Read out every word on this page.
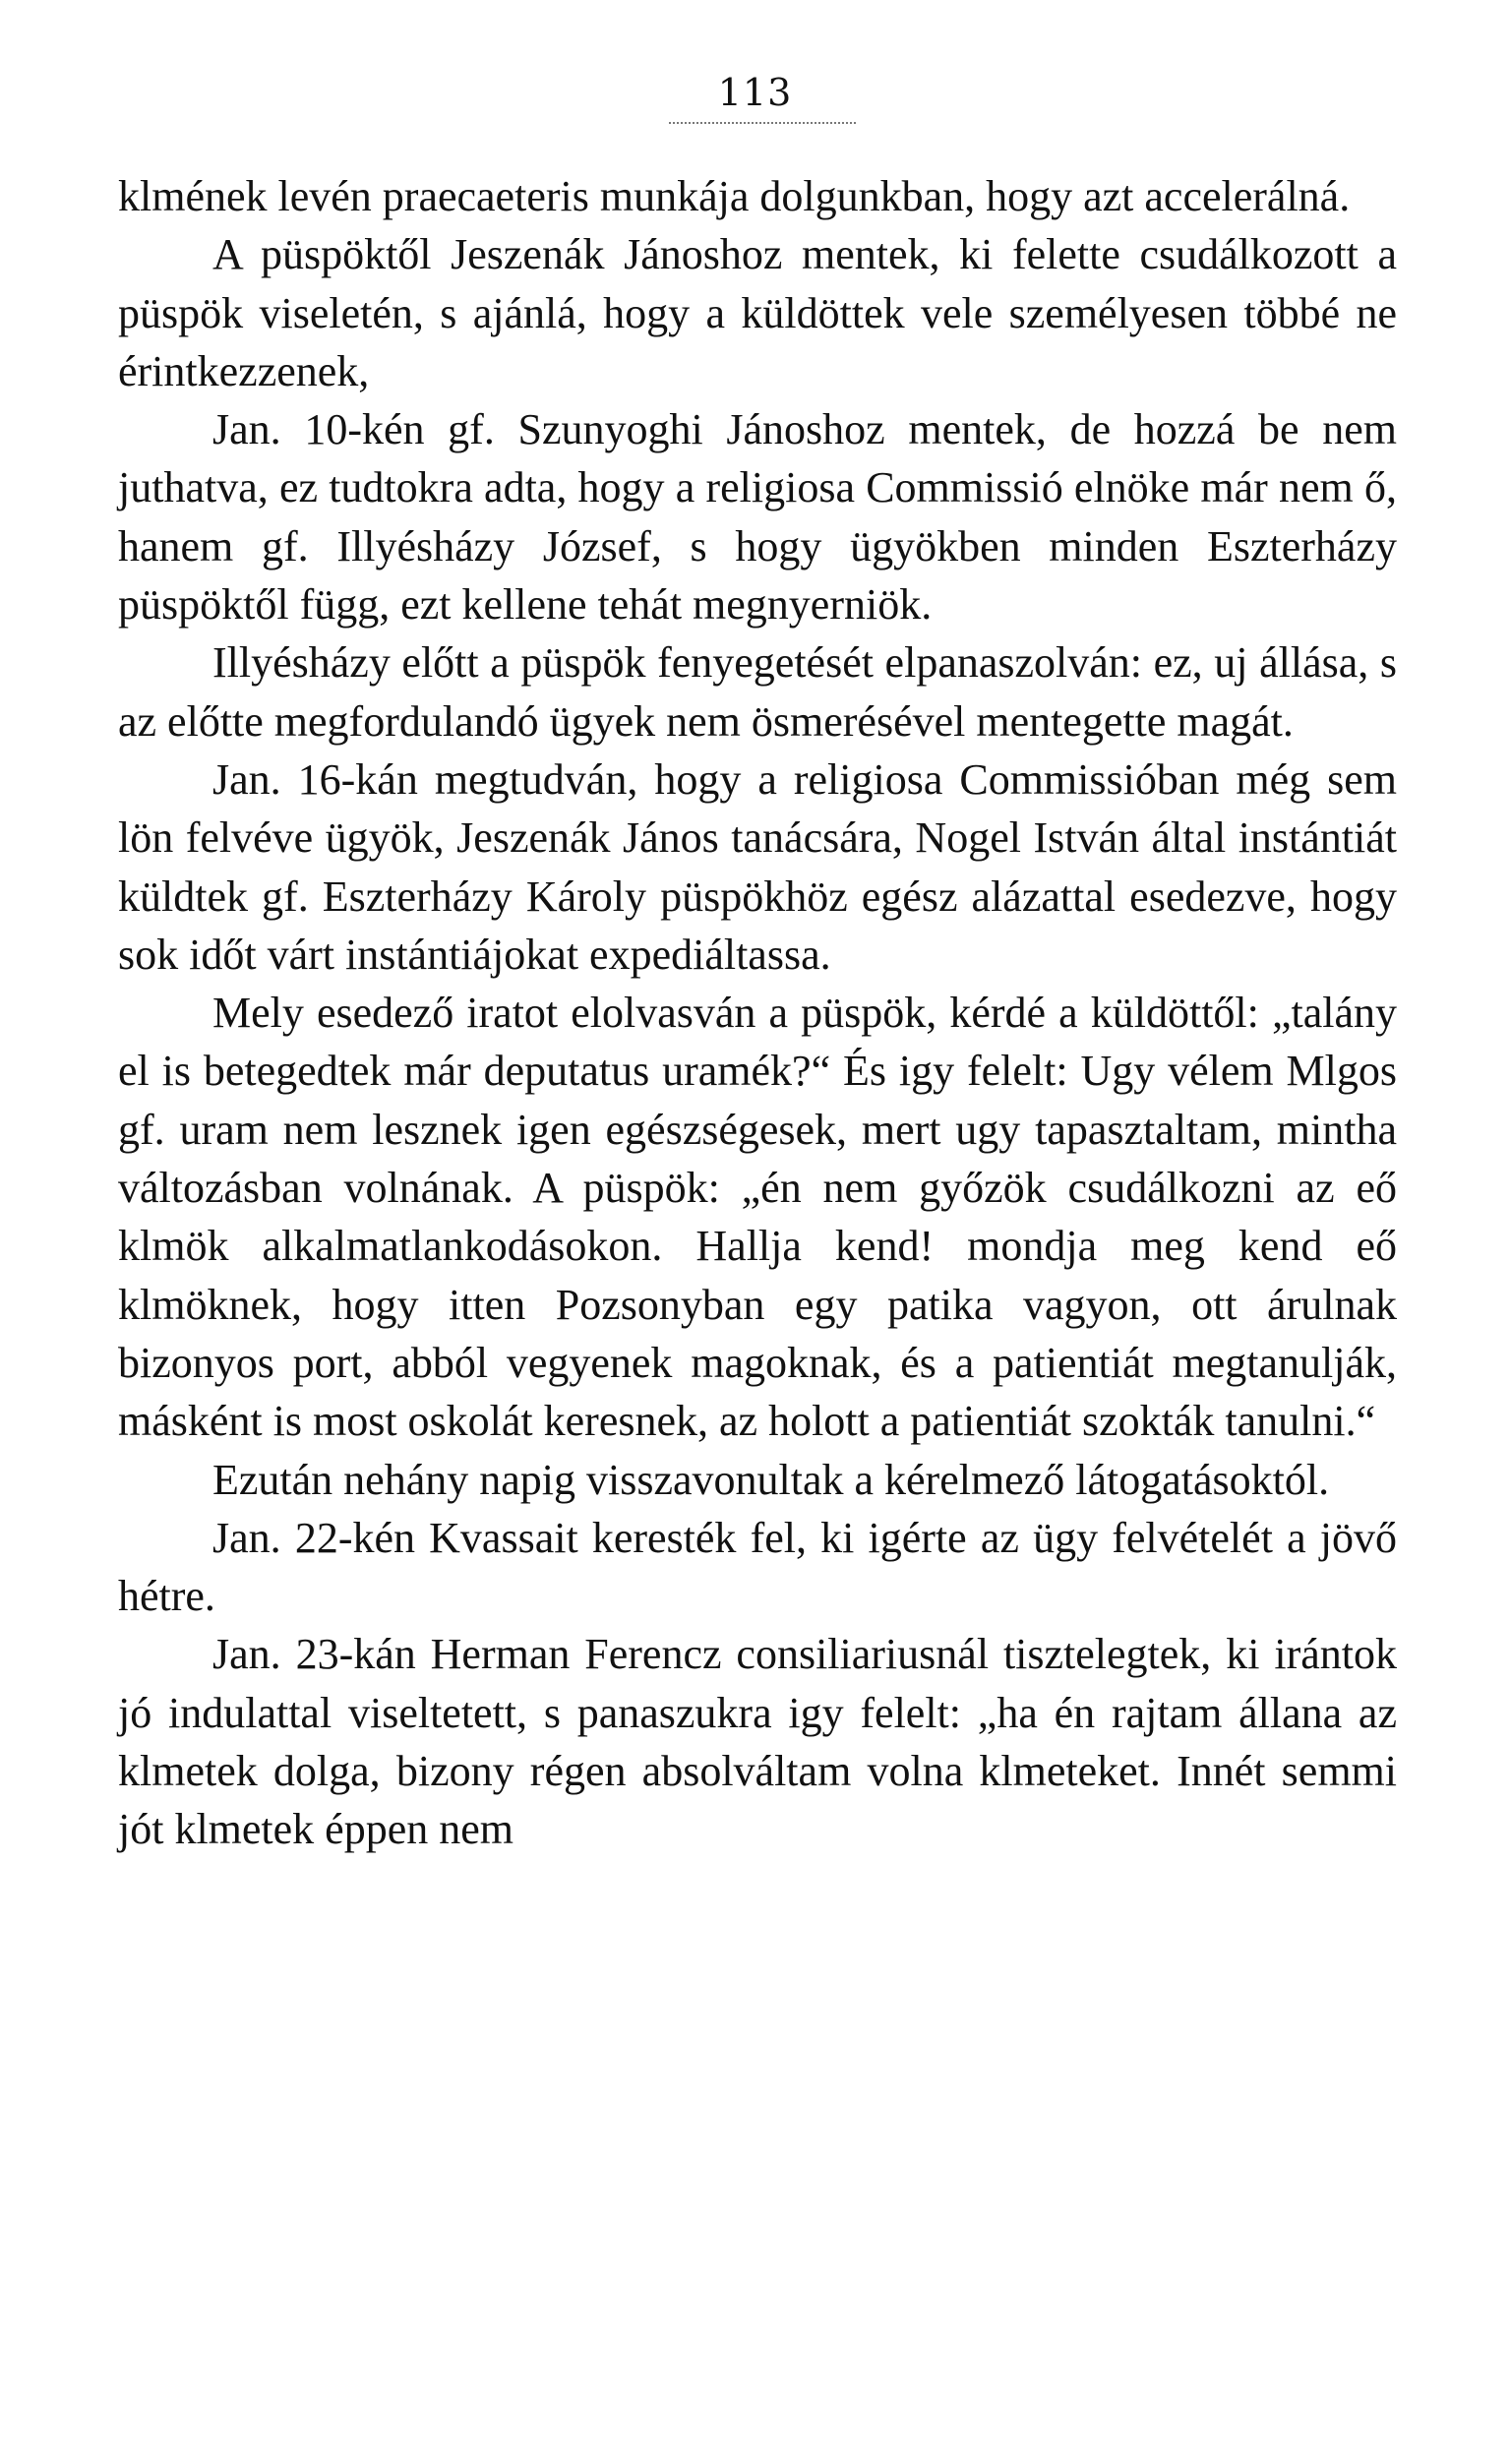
113

klmének levén praecaeteris munkája dolgunkban, hogy azt accelerálná.

A püspöktől Jeszenák Jánoshoz mentek, ki felette csudálkozott a püspök viseletén, s ajánlá, hogy a küldöttek vele személyesen többé ne érintkezzenek,

Jan. 10-kén gf. Szunyoghi Jánoshoz mentek, de hozzá be nem juthatva, ez tudtokra adta, hogy a religiosa Commissió elnöke már nem ő, hanem gf. Illyésházy József, s hogy ügyökben minden Eszterházy püspöktől függ, ezt kellene tehát megnyerniök.

Illyésházy előtt a püspök fenyegetését elpanaszolván: ez, uj állása, s az előtte megfordulandó ügyek nem ösmerésével mentegette magát.

Jan. 16-kán megtudván, hogy a religiosa Commissióban még sem lön felvéve ügyök, Jeszenák János tanácsára, Nogel István által instántiát küldtek gf. Eszterházy Károly püspökhöz egész alázattal esedezve, hogy sok időt várt instántiájokat expediáltassa.

Mely esedező iratot elolvasván a püspök, kérdé a küldöttől: „talány el is betegedtek már deputatus uramék?“ És igy felelt: Ugy vélem Mlgos gf. uram nem lesznek igen egészségesek, mert ugy tapasztaltam, mintha változásban volnának. A püspök: „én nem győzök csudálkozni az eő klmök alkalmatlankodásokon. Hallja kend! mondja meg kend eő klmöknek, hogy itten Pozsonyban egy patika vagyon, ott árulnak bizonyos port, abból vegyenek magoknak, és a patientiát megtanulják, másként is most oskolát keresnek, az holott a patientiát szokták tanulni.“

Ezután nehány napig visszavonultak a kérelmező látogatásoktól.

Jan. 22-kén Kvassait keresték fel, ki igérte az ügy felvételét a jövő hétre.

Jan. 23-kán Herman Ferencz consiliariusnál tisztelegtek, ki irántok jó indulattal viseltetett, s panaszukra igy felelt: „ha én rajtam állana az klmetek dolga, bizony régen absolváltam volna klmeteket. Innét semmi jót klmetek éppen nem
